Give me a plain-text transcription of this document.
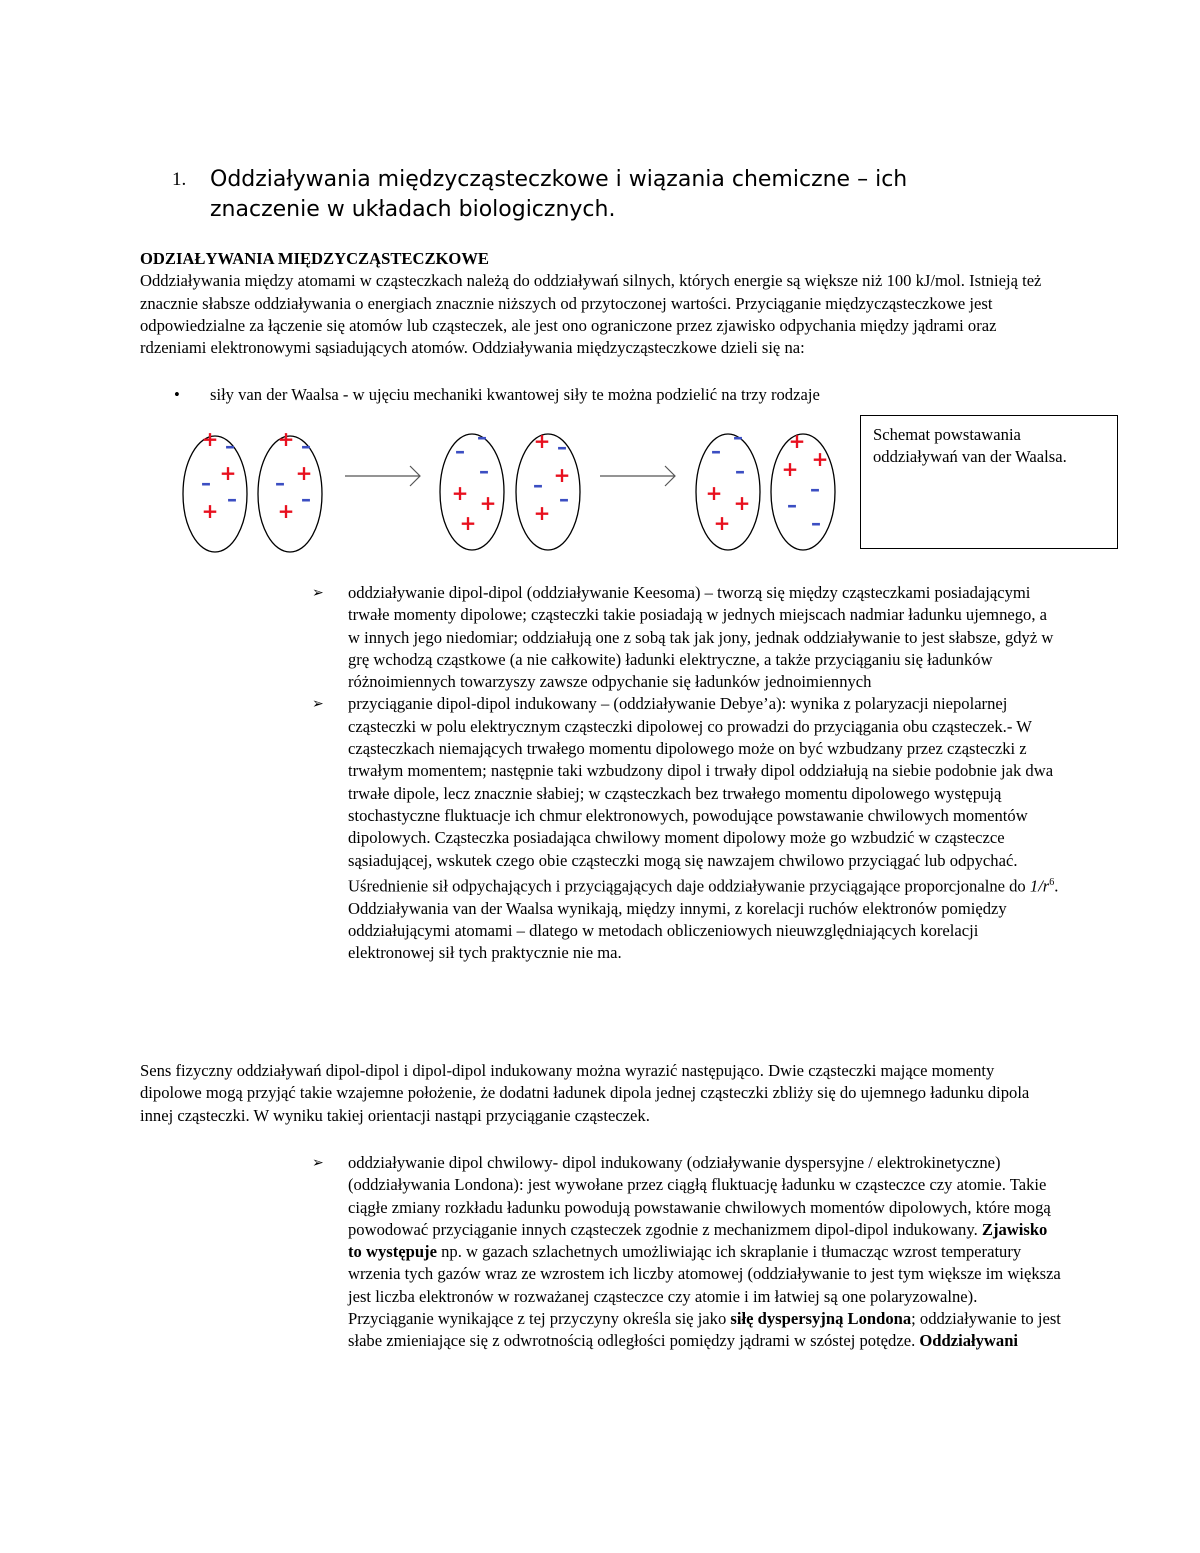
1. Oddziaływania międzycząsteczkowe i wiązania chemiczne – ich znaczenie w układach biologicznych.
ODZIAŁYWANIA MIĘDZYCZĄSTECZKOWE

Oddziaływania między atomami w cząsteczkach należą do oddziaływań silnych, których energie są większe niż 100 kJ/mol. Istnieją też znacznie słabsze oddziaływania o energiach znacznie niższych od przytoczonej wartości. Przyciąganie międzycząsteczkowe jest odpowiedzialne za łączenie się atomów lub cząsteczek, ale jest ono ograniczone przez zjawisko odpychania między jądrami oraz rdzeniami elektronowymi sąsiadujących atomów. Oddziaływania międzycząsteczkowe dzieli się na:

• siły van der Waalsa - w ujęciu mechaniki kwantowej siły te można podzielić na trzy rodzaje
+ –
+
–
–
+
+ –
+
–
–
+
–
–
–
+ +
+
+ –
+
–
–
+
–
–
–
+ +
+
+
+
+
–
–
–
Schemat powstawania oddziaływań van der Waalsa.
➢ oddziaływanie dipol-dipol (oddziaływanie Keesoma) – tworzą się między cząsteczkami posiadającymi trwałe momenty dipolowe; cząsteczki takie posiadają w jednych miejscach nadmiar ładunku ujemnego, a w innych jego niedomiar; oddziałują one z sobą tak jak jony, jednak oddziaływanie to jest słabsze, gdyż w grę wchodzą cząstkowe (a nie całkowite) ładunki elektryczne, a także przyciąganiu się ładunków różnoimiennych towarzyszy zawsze odpychanie się ładunków jednoimiennych
➢ przyciąganie dipol-dipol indukowany – (oddziaływanie Debye’a): wynika z polaryzacji niepolarnej cząsteczki w polu elektrycznym cząsteczki dipolowej co prowadzi do przyciągania obu cząsteczek.- W cząsteczkach niemających trwałego momentu dipolowego może on być wzbudzany przez cząsteczki z trwałym momentem; następnie taki wzbudzony dipol i trwały dipol oddziałują na siebie podobnie jak dwa trwałe dipole, lecz znacznie słabiej; w cząsteczkach bez trwałego momentu dipolowego występują stochastyczne fluktuacje ich chmur elektronowych, powodujące powstawanie chwilowych momentów dipolowych. Cząsteczka posiadająca chwilowy moment dipolowy może go wzbudzić w cząsteczce sąsiadującej, wskutek czego obie cząsteczki mogą się nawzajem chwilowo przyciągać lub odpychać. Uśrednienie sił odpychających i przyciągających daje oddziaływanie przyciągające proporcjonalne do $1/r^6$. Oddziaływania van der Waalsa wynikają, między innymi, z korelacji ruchów elektronów pomiędzy oddziałującymi atomami – dlatego w metodach obliczeniowych nieuwzględniających korelacji elektronowej sił tych praktycznie nie ma.

Sens fizyczny oddziaływań dipol-dipol i dipol-dipol indukowany można wyrazić następująco. Dwie cząsteczki mające momenty dipolowe mogą przyjąć takie wzajemne położenie, że dodatni ładunek dipola jednej cząsteczki zbliży się do ujemnego ładunku dipola innej cząsteczki. W wyniku takiej orientacji nastąpi przyciąganie cząsteczek.

➢ oddziaływanie dipol chwilowy- dipol indukowany (odziaływanie dyspersyjne / elektrokinetyczne) (oddziaływania Londona): jest wywołane przez ciągłą fluktuację ładunku w cząsteczce czy atomie. Takie ciągłe zmiany rozkładu ładunku powodują powstawanie chwilowych momentów dipolowych, które mogą powodować przyciąganie innych cząsteczek zgodnie z mechanizmem dipol-dipol indukowany. Zjawisko to występuje np. w gazach szlachetnych umożliwiając ich skraplanie i tłumacząc wzrost temperatury wrzenia tych gazów wraz ze wzrostem ich liczby atomowej (oddziaływanie to jest tym większe im większa jest liczba elektronów w rozważanej cząsteczce czy atomie i im łatwiej są one polaryzowalne). Przyciąganie wynikające z tej przyczyny określa się jako siłę dyspersyjną Londona; oddziaływanie to jest słabe zmieniające się z odwrotnością odległości pomiędzy jądrami w szóstej potędze. Oddziaływani
